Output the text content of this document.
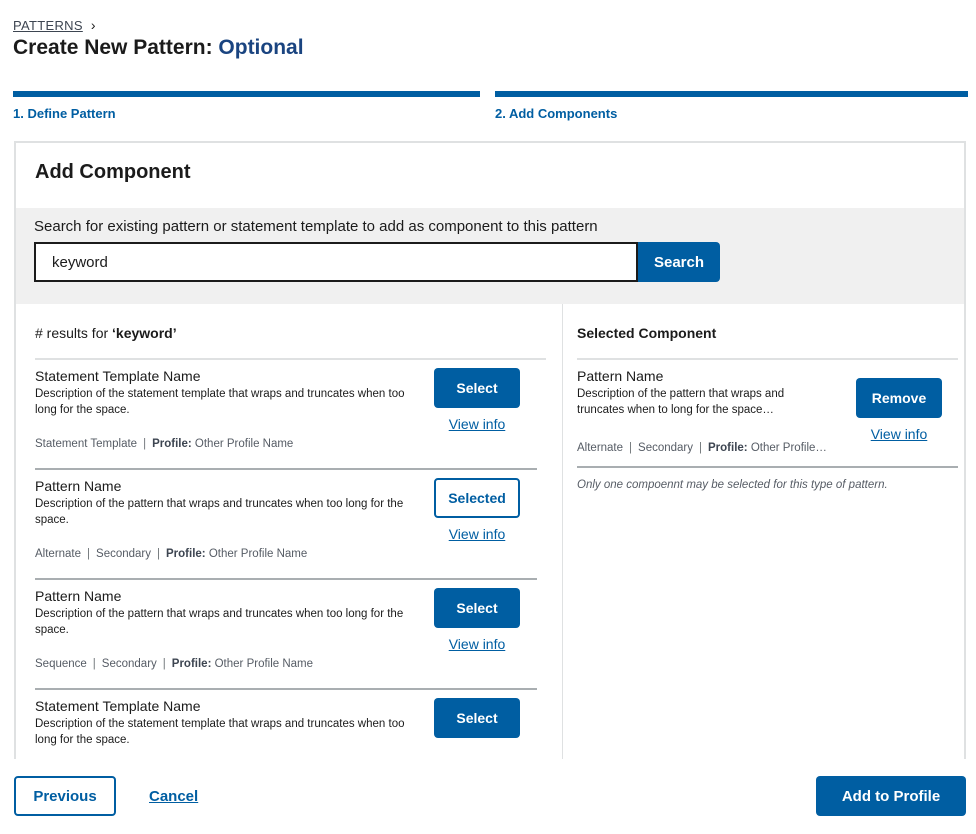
PATTERNS ›
Create New Pattern: Optional
1. Define Pattern	2. Add Components
Add Component
Search for existing pattern or statement template to add as component to this pattern
keyword
Search
# results for ‘keyword’
Statement Template Name
Description of the statement template that wraps and truncates when too long for the space.
Statement Template | Profile: Other Profile Name
Select
View info
Pattern Name
Description of the pattern that wraps and truncates when too long for the space.
Alternate | Secondary | Profile: Other Profile Name
Selected
View info
Pattern Name
Description of the pattern that wraps and truncates when too long for the space.
Sequence | Secondary | Profile: Other Profile Name
Select
View info
Statement Template Name
Description of the statement template that wraps and truncates when too long for the space.
Select
Selected Component
Pattern Name
Description of the pattern that wraps and truncates when to long for the space…
Alternate | Secondary | Profile: Other Profile…
Remove
View info
Only one compoennt may be selected for this type of pattern.
Previous	Cancel	Add to Profile
